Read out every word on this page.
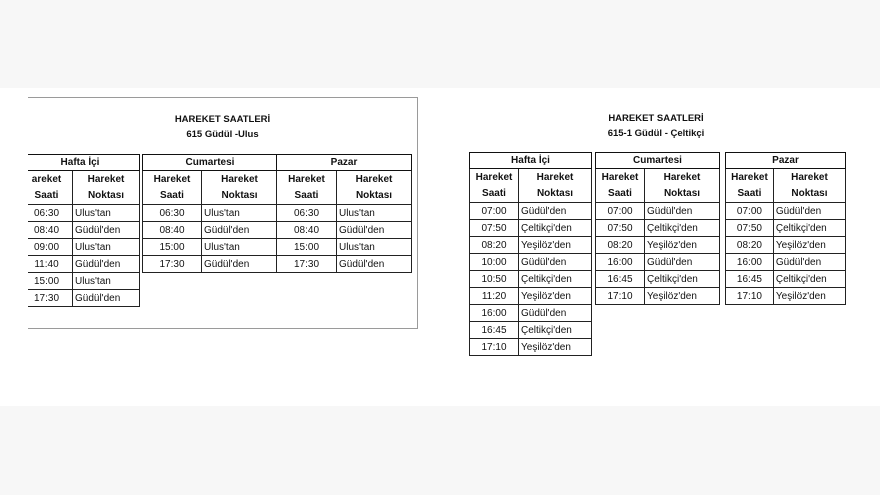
HAREKET SAATLERİ
615 Güdül -Ulus
Hafta İçi	
areket Saati	Hareket Noktası
06:30	Ulus'tan
08:40	Güdül'den
09:00	Ulus'tan
11:40	Güdül'den
15:00	Ulus'tan
17:30	Güdül'den
Cumartesi	
Hareket Saati	Hareket Noktası
06:30	Ulus'tan
08:40	Güdül'den
15:00	Ulus'tan
17:30	Güdül'den
Pazar	
Hareket Saati	Hareket Noktası
06:30	Ulus'tan
08:40	Güdül'den
15:00	Ulus'tan
17:30	Güdül'den
HAREKET SAATLERİ
615-1 Güdül - Çeltikçi
Hafta İçi	
Hareket Saati	Hareket Noktası
07:00	Güdül'den
07:50	Çeltikçi'den
08:20	Yeşilöz'den
10:00	Güdül'den
10:50	Çeltikçi'den
11:20	Yeşilöz'den
16:00	Güdül'den
16:45	Çeltikçi'den
17:10	Yeşilöz'den
Cumartesi	
Hareket Saati	Hareket Noktası
07:00	Güdül'den
07:50	Çeltikçi'den
08:20	Yeşilöz'den
16:00	Güdül'den
16:45	Çeltikçi'den
17:10	Yeşilöz'den
Pazar	
Hareket Saati	Hareket Noktası
07:00	Güdül'den
07:50	Çeltikçi'den
08:20	Yeşilöz'den
16:00	Güdül'den
16:45	Çeltikçi'den
17:10	Yeşilöz'den
